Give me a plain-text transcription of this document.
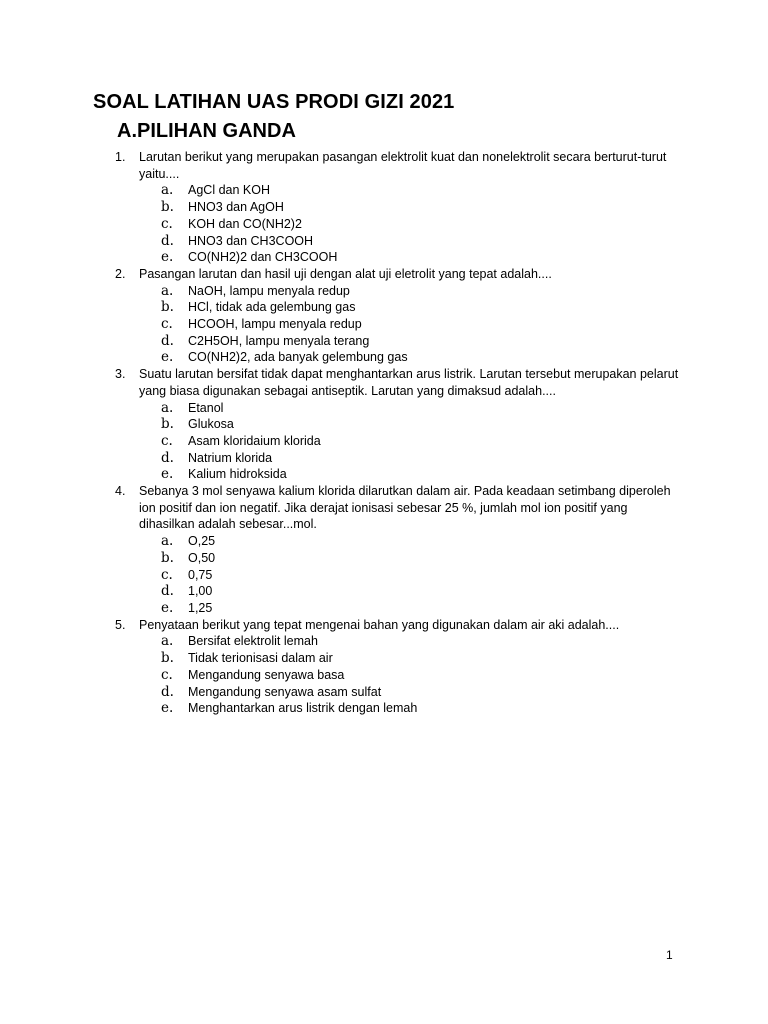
SOAL LATIHAN UAS PRODI GIZI 2021
A.PILIHAN GANDA
1.	Larutan berikut yang merupakan pasangan elektrolit kuat dan nonelektrolit secara berturut-turut yaitu....
a.	AgCl dan KOH
b.	HNO3 dan AgOH
c.	KOH dan CO(NH2)2
d.	HNO3 dan CH3COOH
e.	CO(NH2)2 dan CH3COOH
2.	Pasangan larutan dan hasil uji dengan alat uji eletrolit yang tepat adalah....
a.	NaOH, lampu menyala redup
b.	HCl, tidak ada gelembung gas
c.	HCOOH, lampu menyala redup
d.	C2H5OH, lampu menyala terang
e.	CO(NH2)2, ada banyak gelembung gas
3.	Suatu larutan bersifat tidak dapat menghantarkan arus listrik. Larutan tersebut merupakan pelarut yang biasa digunakan sebagai antiseptik. Larutan yang dimaksud adalah....
a.	Etanol
b.	Glukosa
c.	Asam kloridaium klorida
d.	Natrium klorida
e.	Kalium hidroksida
4.	Sebanya 3 mol senyawa kalium klorida dilarutkan dalam air. Pada keadaan setimbang diperoleh ion positif dan ion negatif. Jika derajat ionisasi sebesar 25 %, jumlah mol ion positif yang dihasilkan adalah sebesar...mol.
a.	O,25
b.	O,50
c.	0,75
d.	1,00
e.	1,25
5.	Penyataan berikut yang tepat mengenai bahan yang digunakan dalam air aki adalah....
a.	Bersifat elektrolit lemah
b.	Tidak terionisasi dalam air
c.	Mengandung senyawa basa
d.	Mengandung senyawa asam sulfat
e.	Menghantarkan arus listrik dengan lemah
1
